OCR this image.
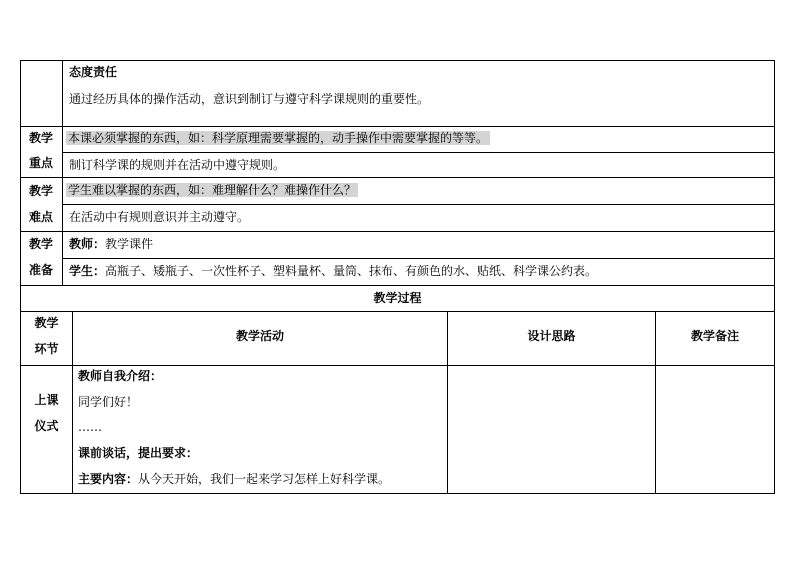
态度责任
通过经历具体的操作活动，意识到制订与遵守科学课规则的重要性。
教学
重点
本课必须掌握的东西，如：科学原理需要掌握的，动手操作中需要掌握的等等。
制订科学课的规则并在活动中遵守规则。
教学
难点
学生难以掌握的东西，如：难理解什么？难操作什么？
在活动中有规则意识并主动遵守。
教学
准备
教师：教学课件
学生：高瓶子、矮瓶子、一次性杯子、塑料量杯、量筒、抹布、有颜色的水、贴纸、科学课公约表。
教学过程
教学
环节
教学活动	设计思路	教学备注
上课
仪式
教师自我介绍：
同学们好！
……
课前谈话，提出要求：
主要内容：从今天开始，我们一起来学习怎样上好科学课。
